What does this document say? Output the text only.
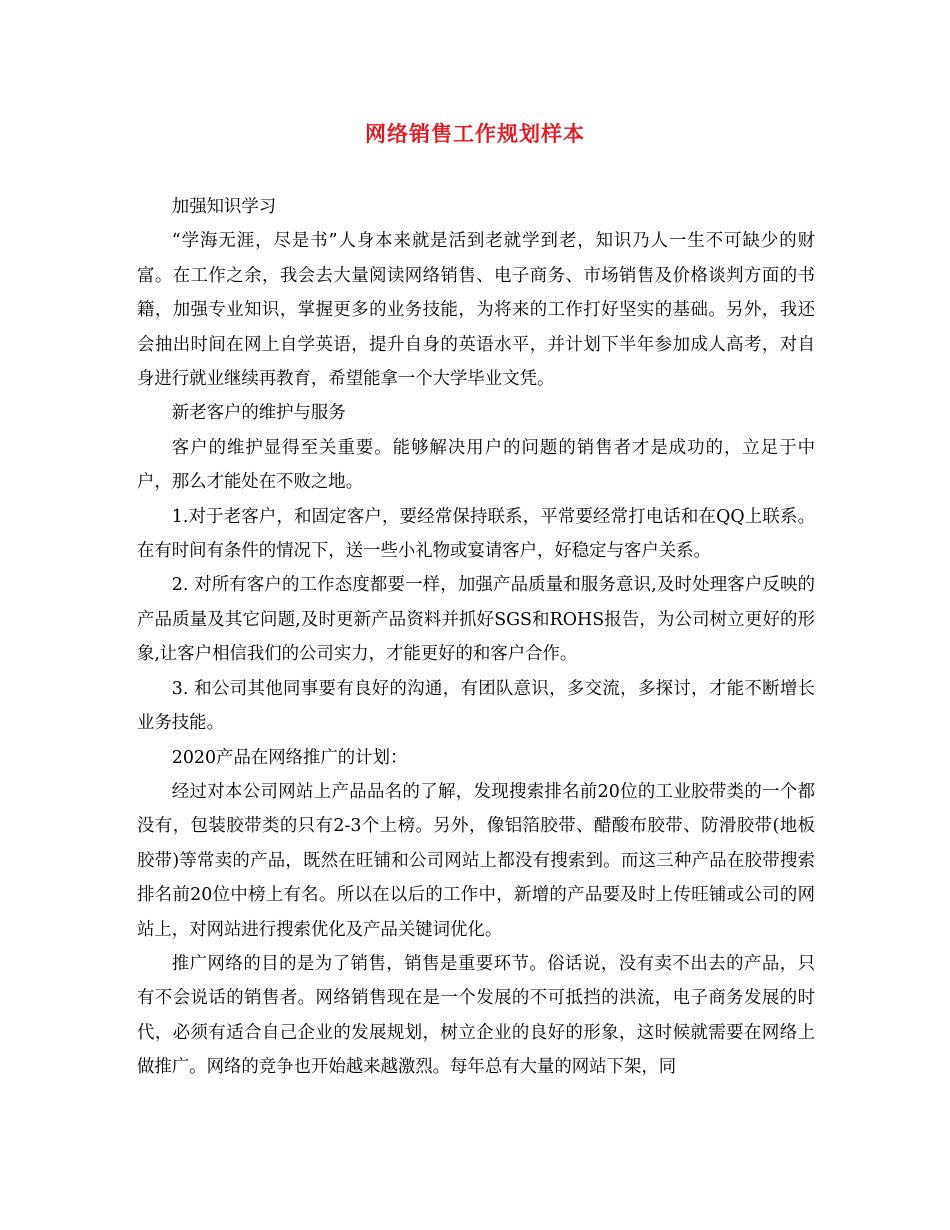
网络销售工作规划样本

加强知识学习

“学海无涯，尽是书”人身本来就是活到老就学到老，知识乃人一生不可缺少的财富。在工作之余，我会去大量阅读网络销售、电子商务、市场销售及价格谈判方面的书籍，加强专业知识，掌握更多的业务技能，为将来的工作打好坚实的基础。另外，我还会抽出时间在网上自学英语，提升自身的英语水平，并计划下半年参加成人高考，对自身进行就业继续再教育，希望能拿一个大学毕业文凭。

新老客户的维护与服务

客户的维护显得至关重要。能够解决用户的问题的销售者才是成功的，立足于中户，那么才能处在不败之地。

1.对于老客户，和固定客户，要经常保持联系，平常要经常打电话和在QQ上联系。在有时间有条件的情况下，送一些小礼物或宴请客户，好稳定与客户关系。

2. 对所有客户的工作态度都要一样，加强产品质量和服务意识,及时处理客户反映的产品质量及其它问题,及时更新产品资料并抓好SGS和ROHS报告，为公司树立更好的形象,让客户相信我们的公司实力，才能更好的和客户合作。

3. 和公司其他同事要有良好的沟通，有团队意识，多交流，多探讨，才能不断增长业务技能。

2020产品在网络推广的计划：

经过对本公司网站上产品品名的了解，发现搜索排名前20位的工业胶带类的一个都没有，包装胶带类的只有2-3个上榜。另外，像铝箔胶带、醋酸布胶带、防滑胶带(地板胶带)等常卖的产品，既然在旺铺和公司网站上都没有搜索到。而这三种产品在胶带搜索排名前20位中榜上有名。所以在以后的工作中，新增的产品要及时上传旺铺或公司的网站上，对网站进行搜索优化及产品关键词优化。

推广网络的目的是为了销售，销售是重要环节。俗话说，没有卖不出去的产品，只有不会说话的销售者。网络销售现在是一个发展的不可抵挡的洪流，电子商务发展的时代，必须有适合自己企业的发展规划，树立企业的良好的形象，这时候就需要在网络上做推广。网络的竞争也开始越来越激烈。每年总有大量的网站下架，同
